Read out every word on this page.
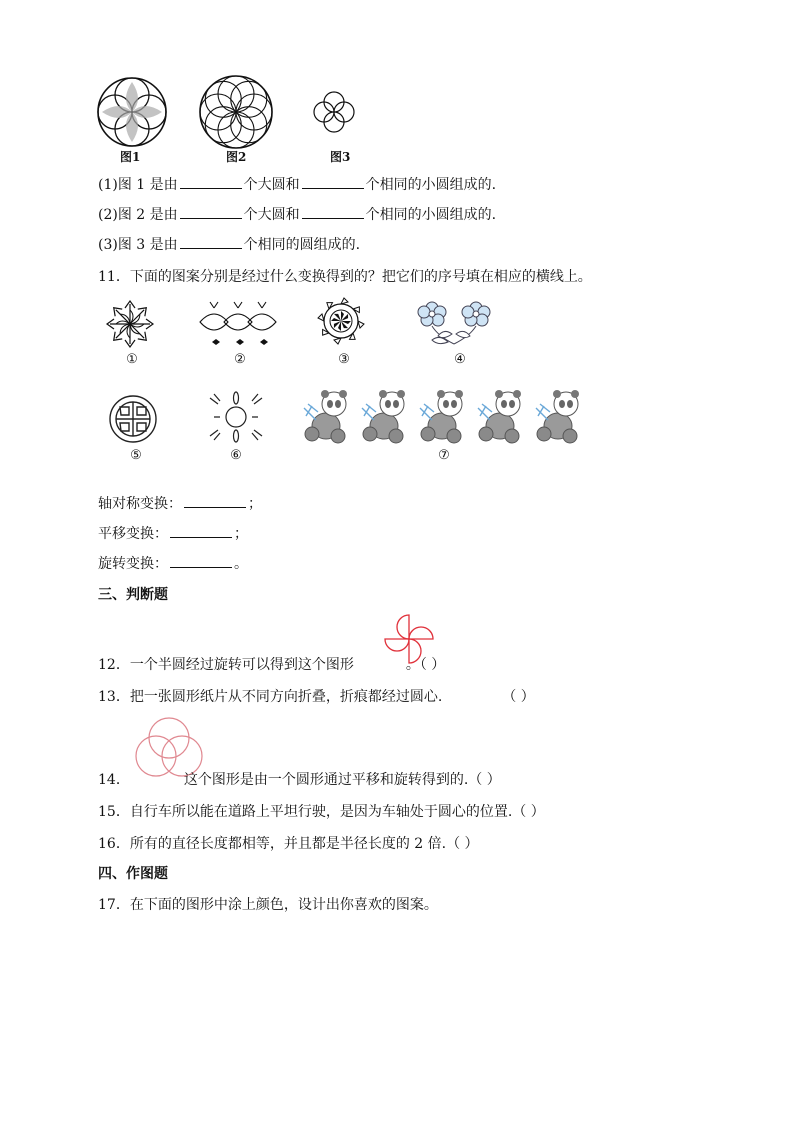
图1	图2	图3
(1)图 1 是由	个大圆和	个相同的小圆组成的.
(2)图 2 是由	个大圆和	个相同的小圆组成的.
(3)图 3 是由	个相同的圆组成的.
11．下面的图案分别是经过什么变换得到的？把它们的序号填在相应的横线上。
①	②	③	④
⑤	⑥	⑦
轴对称变换：	；
平移变换：	；
旋转变换：	。
三、判断题
12．一个半圆经过旋转可以得到这个图形	。（ ）
13．把一张圆形纸片从不同方向折叠，折痕都经过圆心.	（ ）
14．	这个图形是由一个圆形通过平移和旋转得到的.（ ）
15．自行车所以能在道路上平坦行驶，是因为车轴处于圆心的位置.（ ）
16．所有的直径长度都相等，并且都是半径长度的 2 倍.（ ）
四、作图题
17．在下面的图形中涂上颜色，设计出你喜欢的图案。
